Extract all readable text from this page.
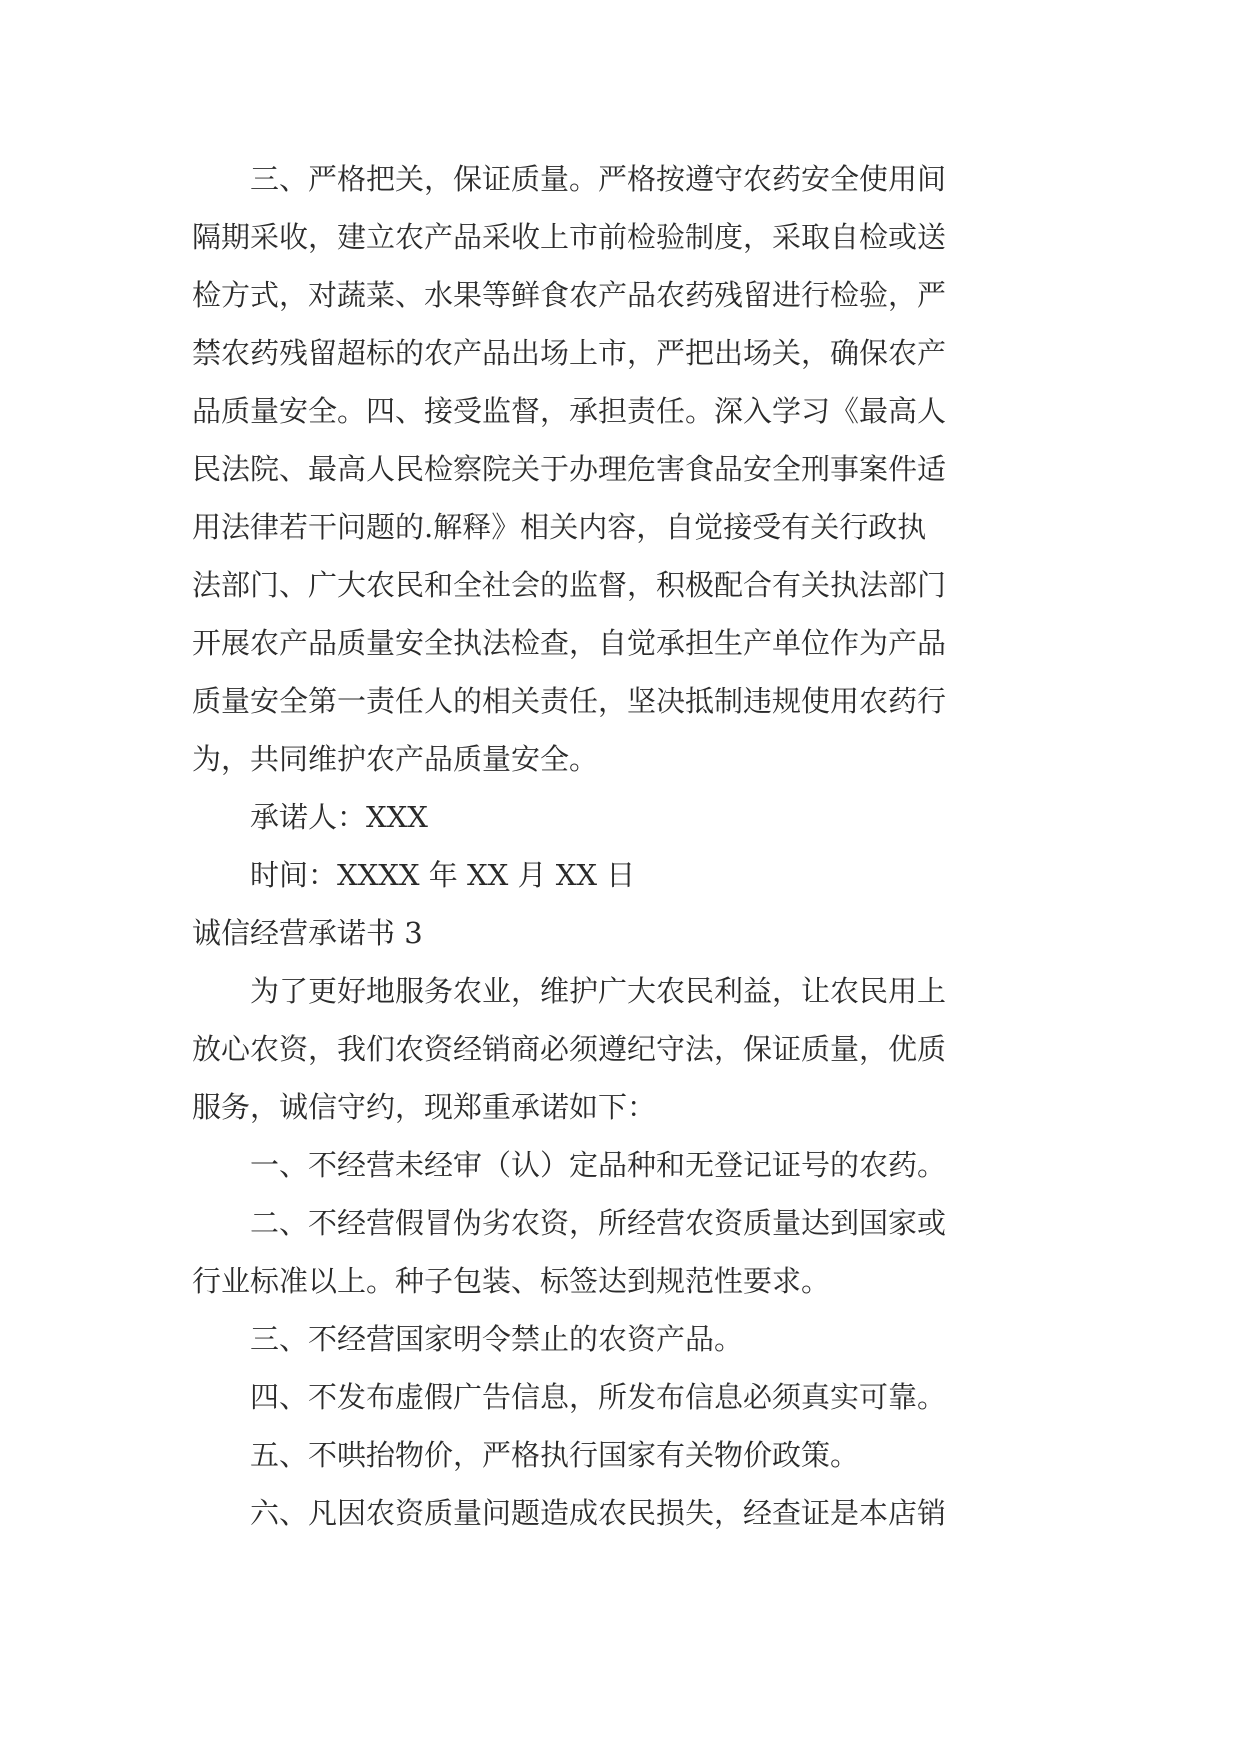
三、严格把关，保证质量。严格按遵守农药安全使用间
隔期采收，建立农产品采收上市前检验制度，采取自检或送
检方式，对蔬菜、水果等鲜食农产品农药残留进行检验，严
禁农药残留超标的农产品出场上市，严把出场关，确保农产
品质量安全。四、接受监督，承担责任。深入学习《最高人
民法院、最高人民检察院关于办理危害食品安全刑事案件适
用法律若干问题的.解释》相关内容，自觉接受有关行政执
法部门、广大农民和全社会的监督，积极配合有关执法部门
开展农产品质量安全执法检查，自觉承担生产单位作为产品
质量安全第一责任人的相关责任，坚决抵制违规使用农药行
为，共同维护农产品质量安全。

承诺人：XXX

时间：XXXX 年 XX 月 XX 日

诚信经营承诺书 3

为了更好地服务农业，维护广大农民利益，让农民用上
放心农资，我们农资经销商必须遵纪守法，保证质量，优质
服务，诚信守约，现郑重承诺如下：

一、不经营未经审（认）定品种和无登记证号的农药。

二、不经营假冒伪劣农资，所经营农资质量达到国家或
行业标准以上。种子包装、标签达到规范性要求。

三、不经营国家明令禁止的农资产品。

四、不发布虚假广告信息，所发布信息必须真实可靠。

五、不哄抬物价，严格执行国家有关物价政策。

六、凡因农资质量问题造成农民损失，经查证是本店销
